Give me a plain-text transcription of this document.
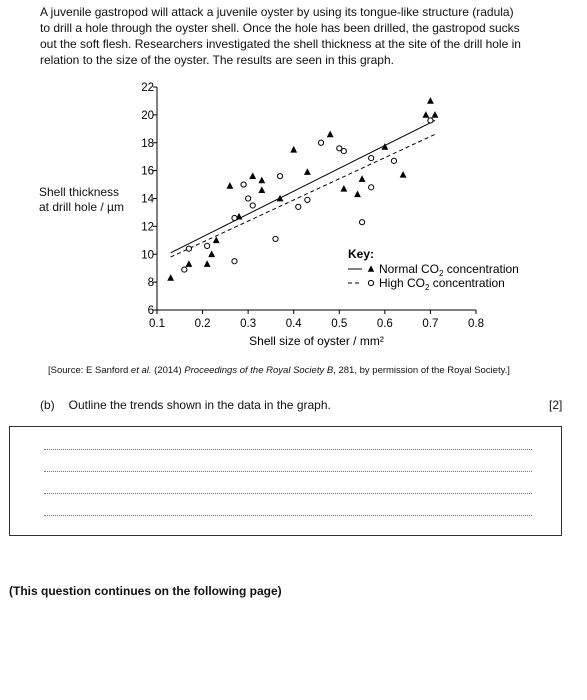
A juvenile gastropod will attack a juvenile oyster by using its tongue-like structure (radula)
to drill a hole through the oyster shell. Once the hole has been drilled, the gastropod sucks
out the soft flesh. Researchers investigated the shell thickness at the site of the drill hole in
relation to the size of the oyster. The results are seen in this graph.
Shell thickness
at drill hole / µm
6
8
10
12
14
16
18
20
22
0.1	0.2	0.3	0.4	0.5	0.6	0.7	0.8
Shell size of oyster / mm²
Key:
Normal $CO_2$ concentration
High $CO_2$ concentration
[Source: E Sanford et al. (2014) Proceedings of the Royal Society B, 281, by permission of the Royal Society.]
(b) Outline the trends shown in the data in the graph.	[2]
(This question continues on the following page)
